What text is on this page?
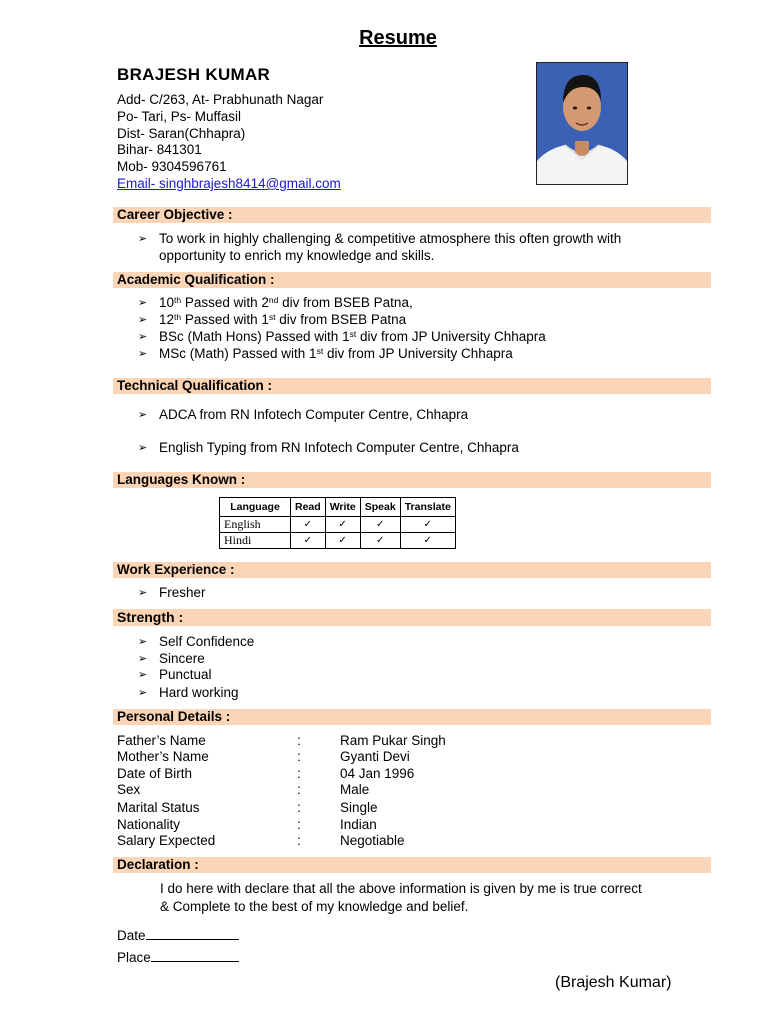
Resume
BRAJESH KUMAR
Add- C/263, At- Prabhunath Nagar
Po- Tari, Ps- Muffasil
Dist- Saran(Chhapra)
Bihar- 841301
Mob- 9304596761
Email- singhbrajesh8414@gmail.com
Career Objective :
➢ To work in highly challenging & competitive atmosphere this often growth with
opportunity to enrich my knowledge and skills.
Academic Qualification :
➢ 10th Passed with 2nd div from BSEB Patna,
➢ 12th Passed with 1st div from BSEB Patna
➢ BSc (Math Hons) Passed with 1st div from JP University Chhapra
➢ MSc (Math) Passed with 1st div from JP University Chhapra
Technical Qualification :
➢ ADCA from RN Infotech Computer Centre, Chhapra
➢ English Typing from RN Infotech Computer Centre, Chhapra
Languages Known :
Language	Read	Write	Speak	Translate
English	✓	✓	✓	✓
Hindi	✓	✓	✓	✓
Work Experience :
➢ Fresher
Strength :
➢ Self Confidence
➢ Sincere
➢ Punctual
➢ Hard working
Personal Details :
Father’s Name	:	Ram Pukar Singh
Mother’s Name	:	Gyanti Devi
Date of Birth	:	04 Jan 1996
Sex	:	Male
Marital Status	:	Single
Nationality	:	Indian
Salary Expected	:	Negotiable
Declaration :
I do here with declare that all the above information is given by me is true correct
& Complete to the best of my knowledge and belief.
Date
Place
(Brajesh Kumar)
